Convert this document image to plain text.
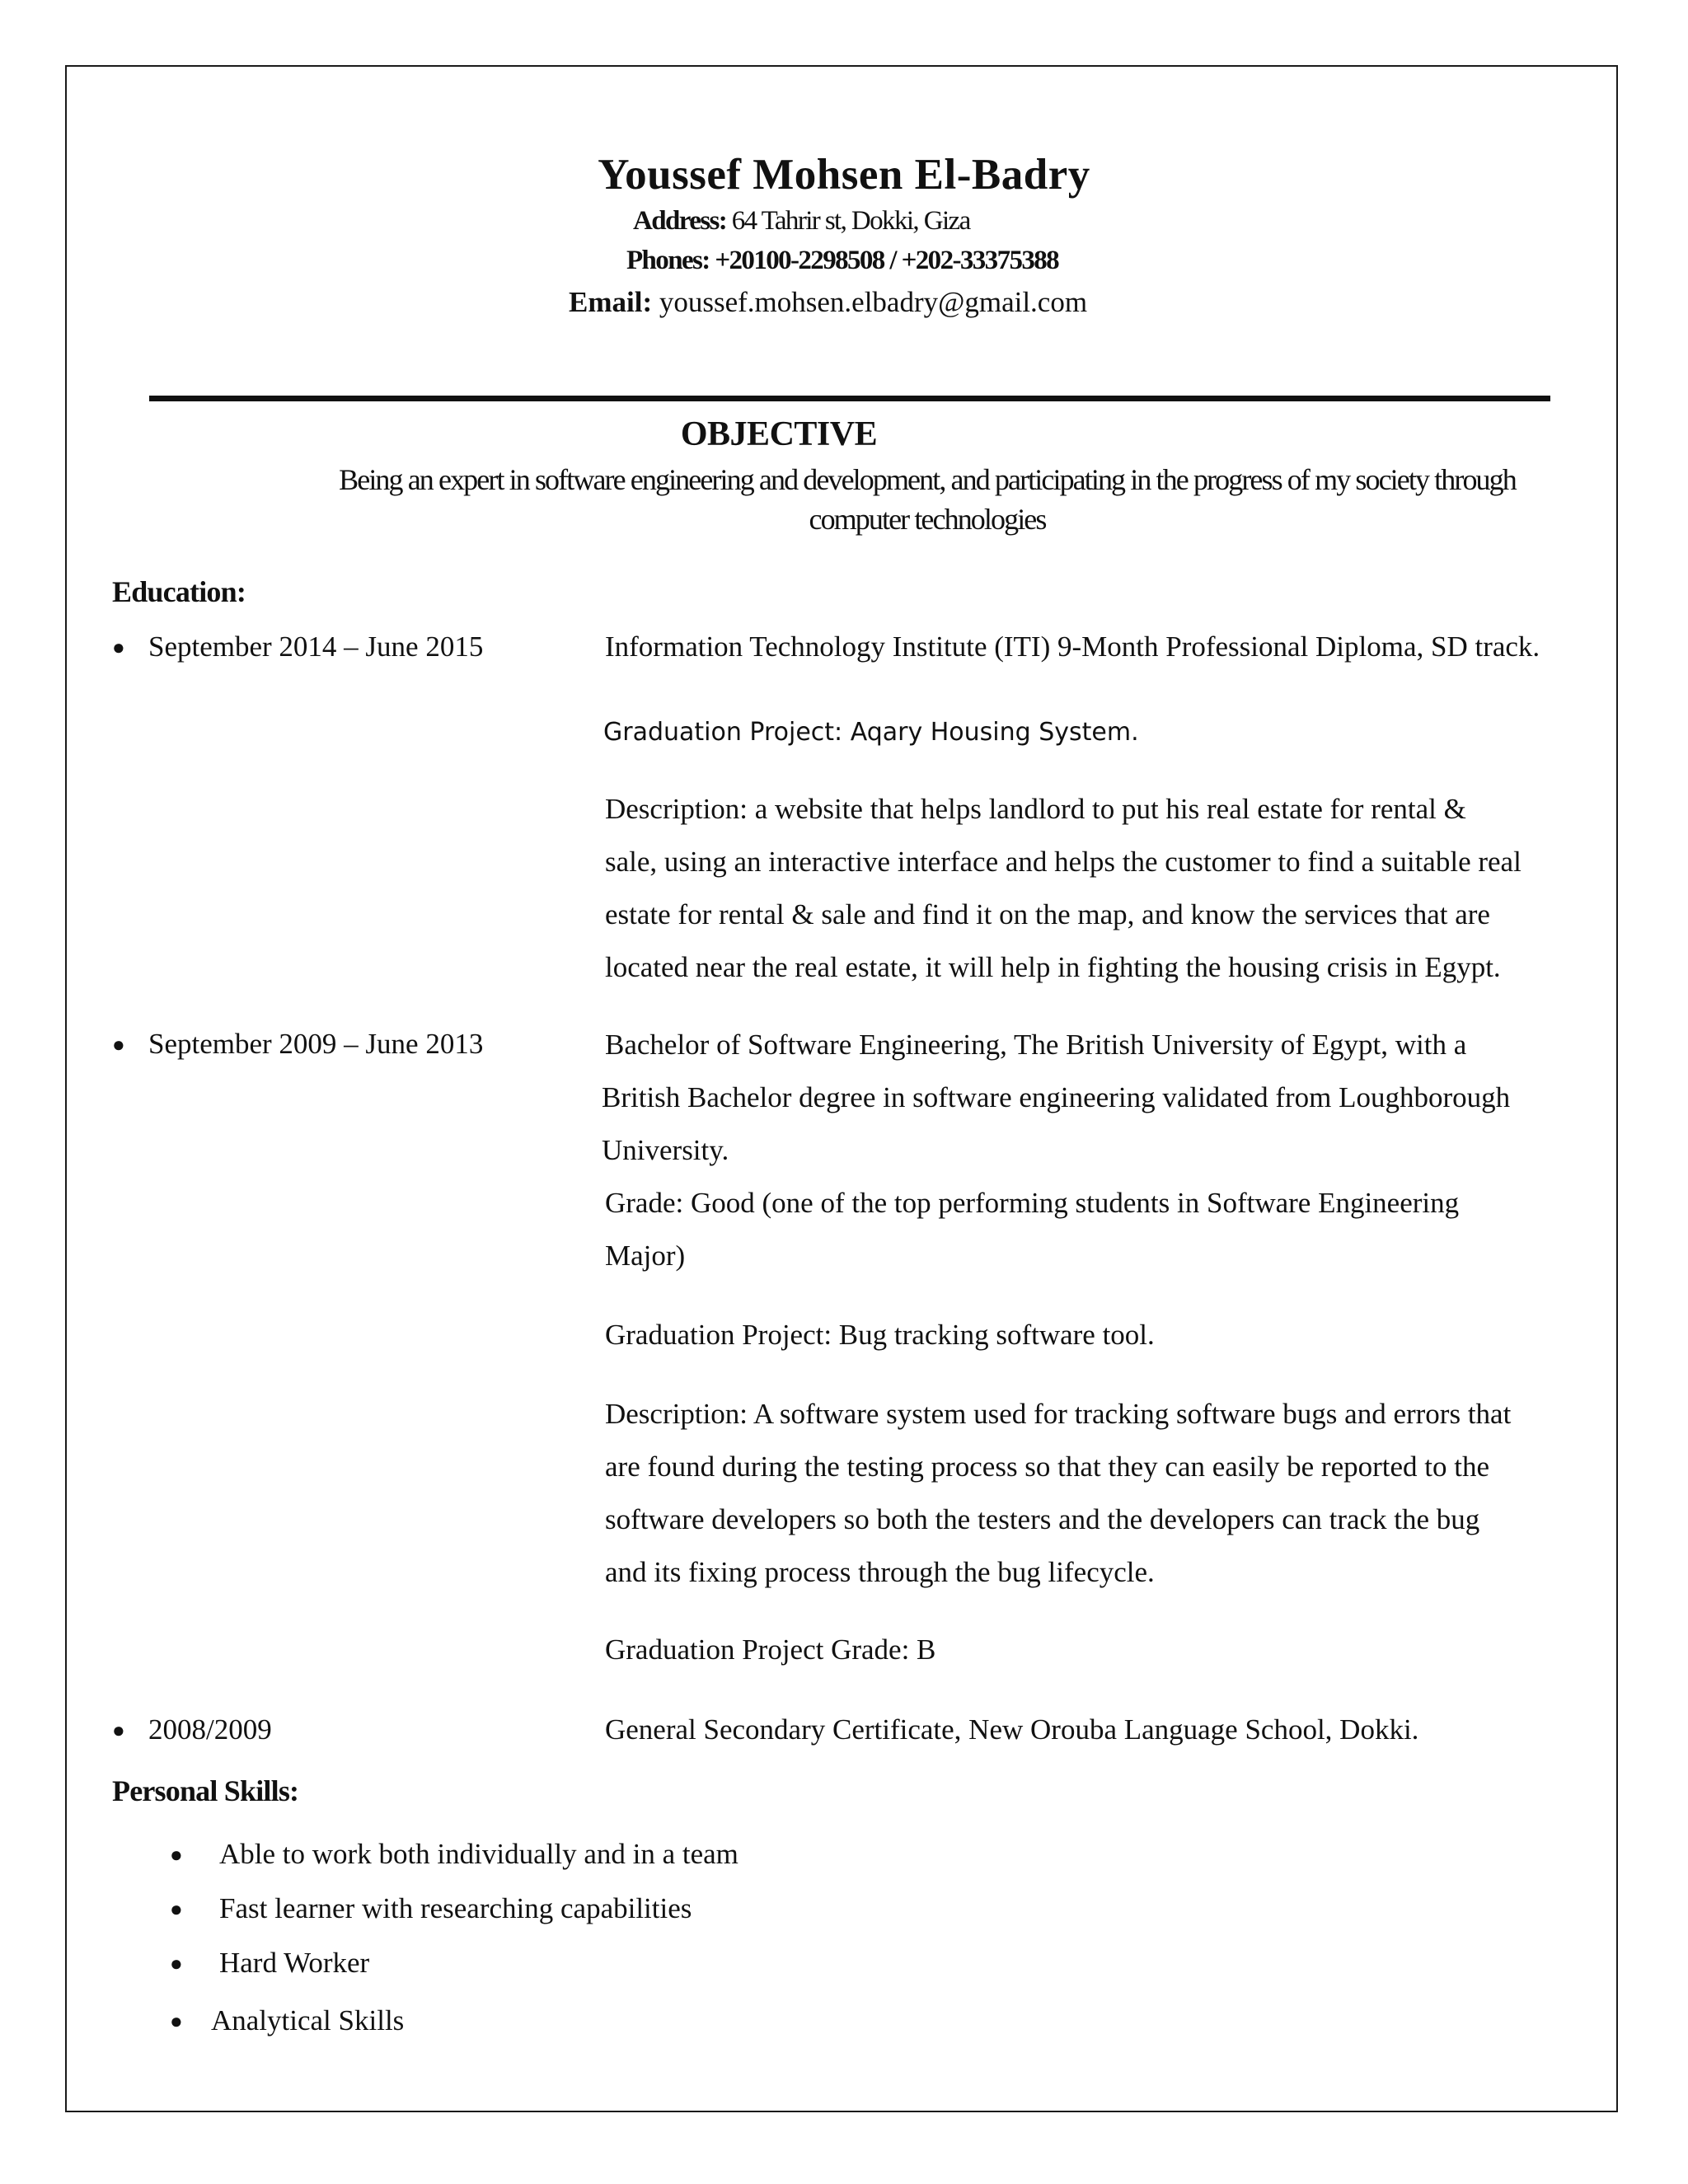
Youssef Mohsen El-Badry
Address: 64 Tahrir st, Dokki, Giza
Phones: +20100-2298508 / +202-33375388
Email: youssef.mohsen.elbadry@gmail.com
OBJECTIVE
Being an expert in software engineering and development, and participating in the progress of my society through
computer technologies
Education:
● September 2014 – June 2015	Information Technology Institute (ITI) 9-Month Professional Diploma, SD track.
Graduation Project: Aqary Housing System.
Description: a website that helps landlord to put his real estate for rental &
sale, using an interactive interface and helps the customer to find a suitable real
estate for rental & sale and find it on the map, and know the services that are
located near the real estate, it will help in fighting the housing crisis in Egypt.
● September 2009 – June 2013	Bachelor of Software Engineering, The British University of Egypt, with a
British Bachelor degree in software engineering validated from Loughborough
University.
Grade: Good (one of the top performing students in Software Engineering
Major)
Graduation Project: Bug tracking software tool.
Description: A software system used for tracking software bugs and errors that
are found during the testing process so that they can easily be reported to the
software developers so both the testers and the developers can track the bug
and its fixing process through the bug lifecycle.
Graduation Project Grade: B
● 2008/2009	General Secondary Certificate, New Orouba Language School, Dokki.
Personal Skills:
● Able to work both individually and in a team
● Fast learner with researching capabilities
● Hard Worker
● Analytical Skills
